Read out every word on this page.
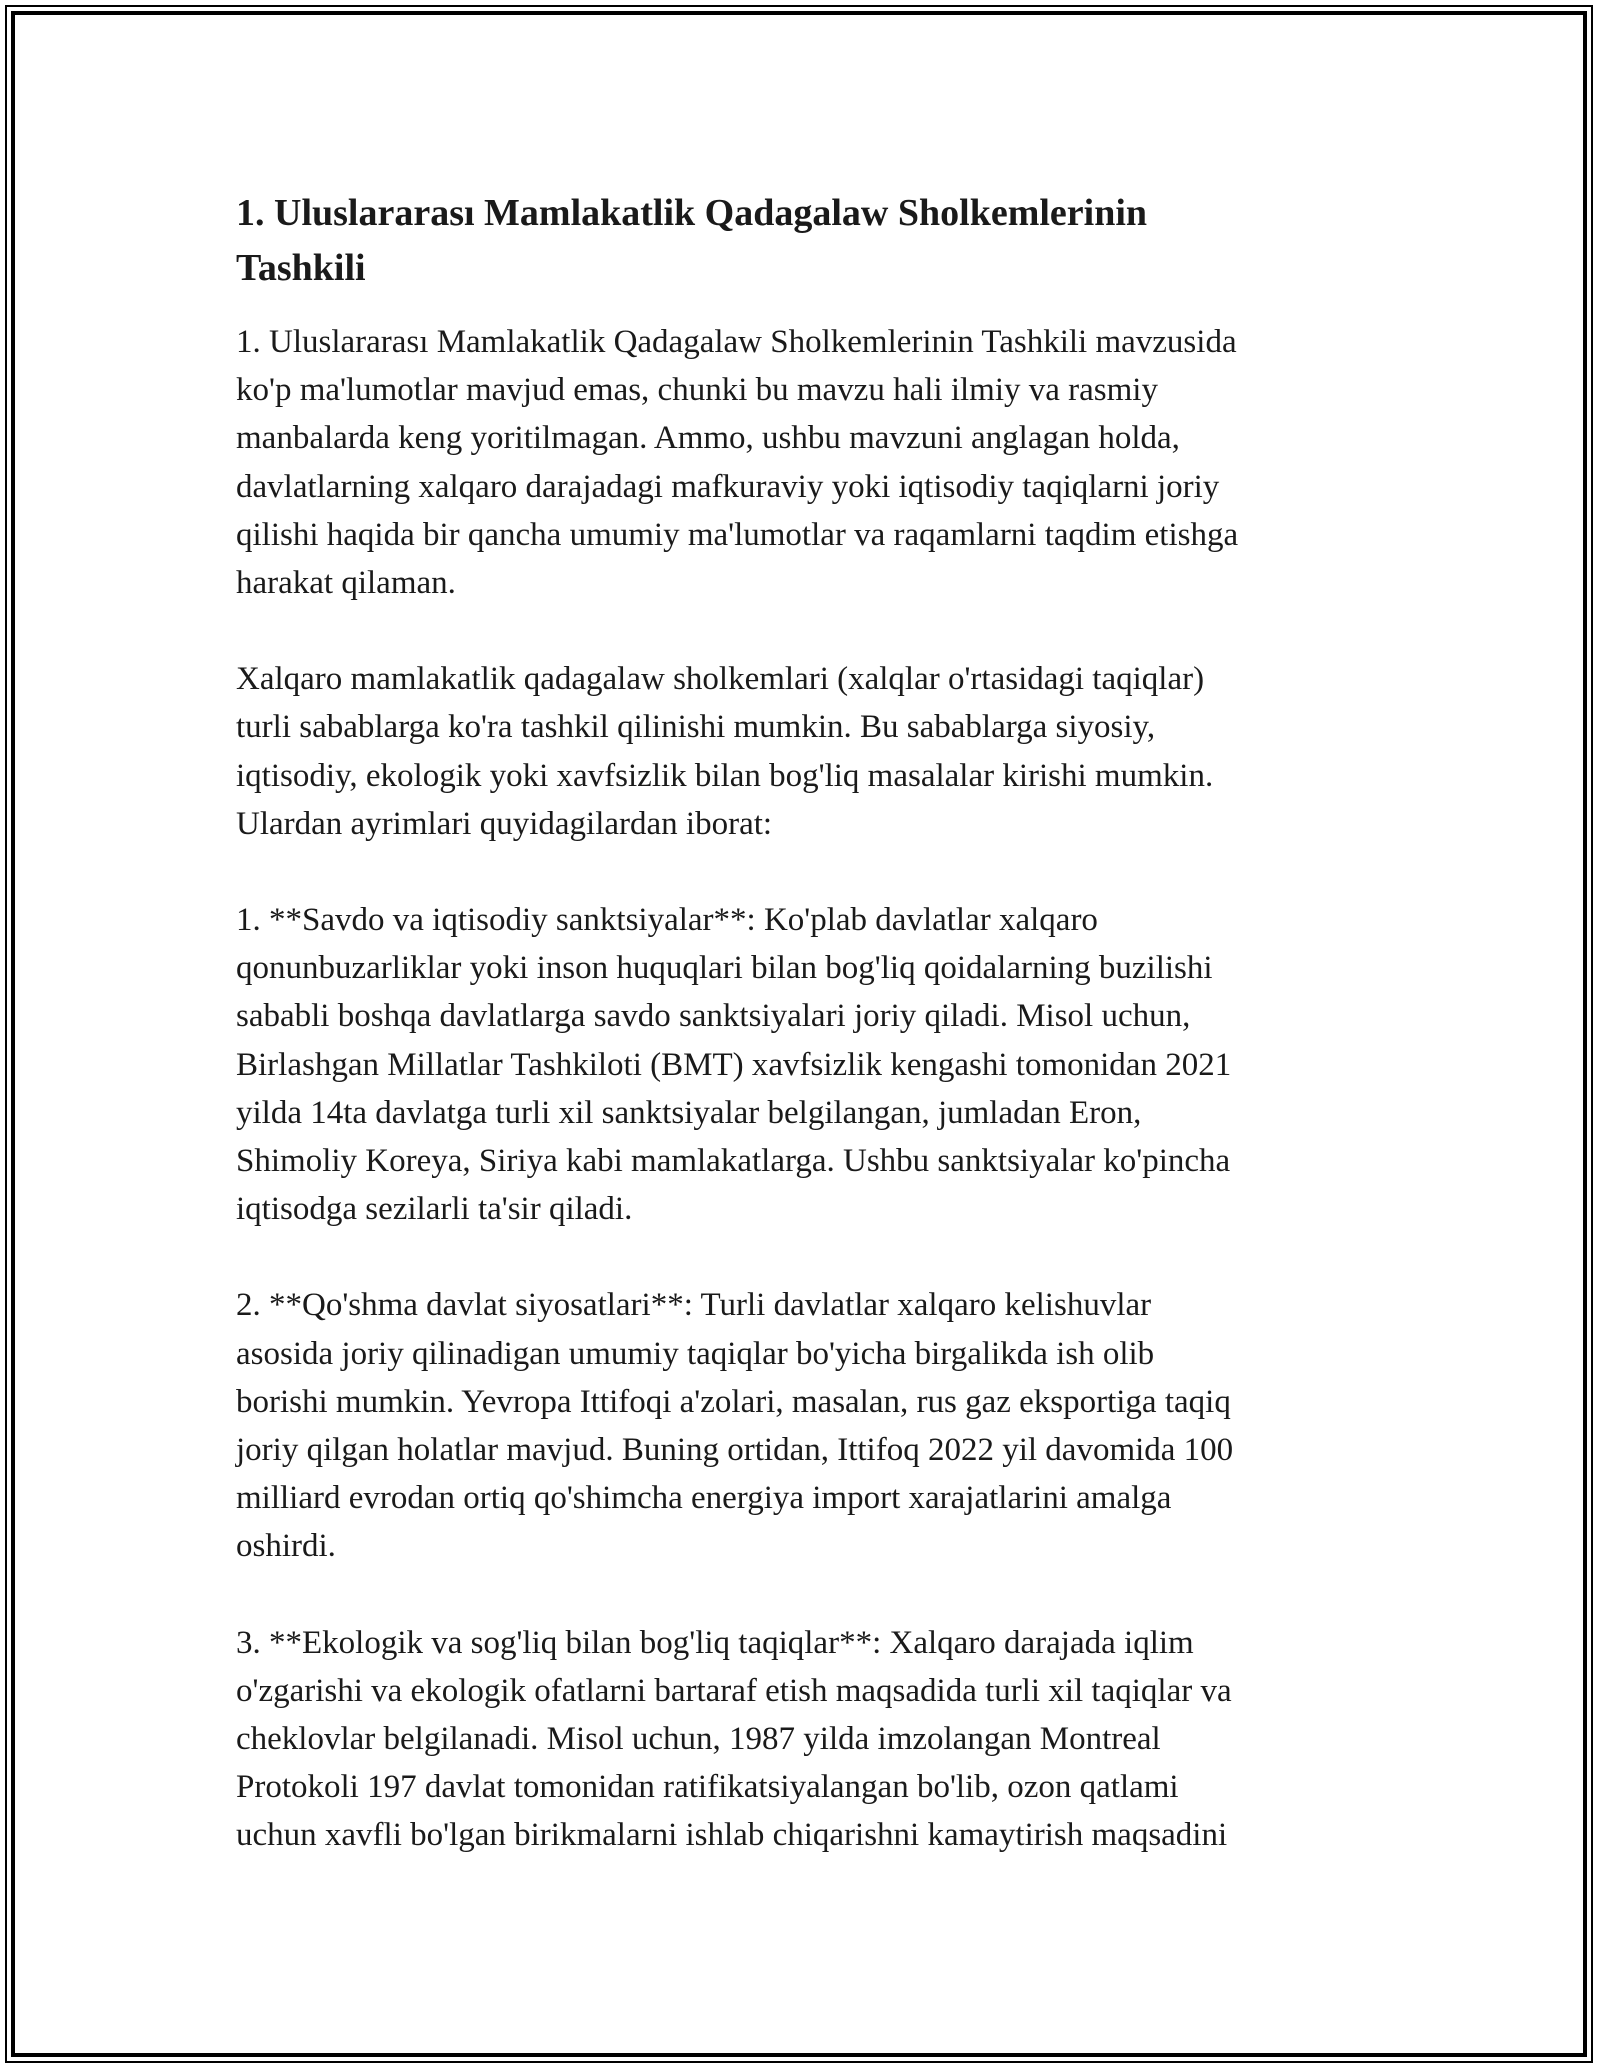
1. Uluslararası Mamlakatlik Qadagalaw Sholkemlerinin
Tashkili
1. Uluslararası Mamlakatlik Qadagalaw Sholkemlerinin Tashkili mavzusida
ko'p ma'lumotlar mavjud emas, chunki bu mavzu hali ilmiy va rasmiy
manbalarda keng yoritilmagan. Ammo, ushbu mavzuni anglagan holda,
davlatlarning xalqaro darajadagi mafkuraviy yoki iqtisodiy taqiqlarni joriy
qilishi haqida bir qancha umumiy ma'lumotlar va raqamlarni taqdim etishga
harakat qilaman.
Xalqaro mamlakatlik qadagalaw sholkemlari (xalqlar o'rtasidagi taqiqlar)
turli sabablarga ko'ra tashkil qilinishi mumkin. Bu sabablarga siyosiy,
iqtisodiy, ekologik yoki xavfsizlik bilan bog'liq masalalar kirishi mumkin.
Ulardan ayrimlari quyidagilardan iborat:
1. **Savdo va iqtisodiy sanktsiyalar**: Ko'plab davlatlar xalqaro
qonunbuzarliklar yoki inson huquqlari bilan bog'liq qoidalarning buzilishi
sababli boshqa davlatlarga savdo sanktsiyalari joriy qiladi. Misol uchun,
Birlashgan Millatlar Tashkiloti (BMT) xavfsizlik kengashi tomonidan 2021
yilda 14ta davlatga turli xil sanktsiyalar belgilangan, jumladan Eron,
Shimoliy Koreya, Siriya kabi mamlakatlarga. Ushbu sanktsiyalar ko'pincha
iqtisodga sezilarli ta'sir qiladi.
2. **Qo'shma davlat siyosatlari**: Turli davlatlar xalqaro kelishuvlar
asosida joriy qilinadigan umumiy taqiqlar bo'yicha birgalikda ish olib
borishi mumkin. Yevropa Ittifoqi a'zolari, masalan, rus gaz eksportiga taqiq
joriy qilgan holatlar mavjud. Buning ortidan, Ittifoq 2022 yil davomida 100
milliard evrodan ortiq qo'shimcha energiya import xarajatlarini amalga
oshirdi.
3. **Ekologik va sog'liq bilan bog'liq taqiqlar**: Xalqaro darajada iqlim
o'zgarishi va ekologik ofatlarni bartaraf etish maqsadida turli xil taqiqlar va
cheklovlar belgilanadi. Misol uchun, 1987 yilda imzolangan Montreal
Protokoli 197 davlat tomonidan ratifikatsiyalangan bo'lib, ozon qatlami
uchun xavfli bo'lgan birikmalarni ishlab chiqarishni kamaytirish maqsadini
